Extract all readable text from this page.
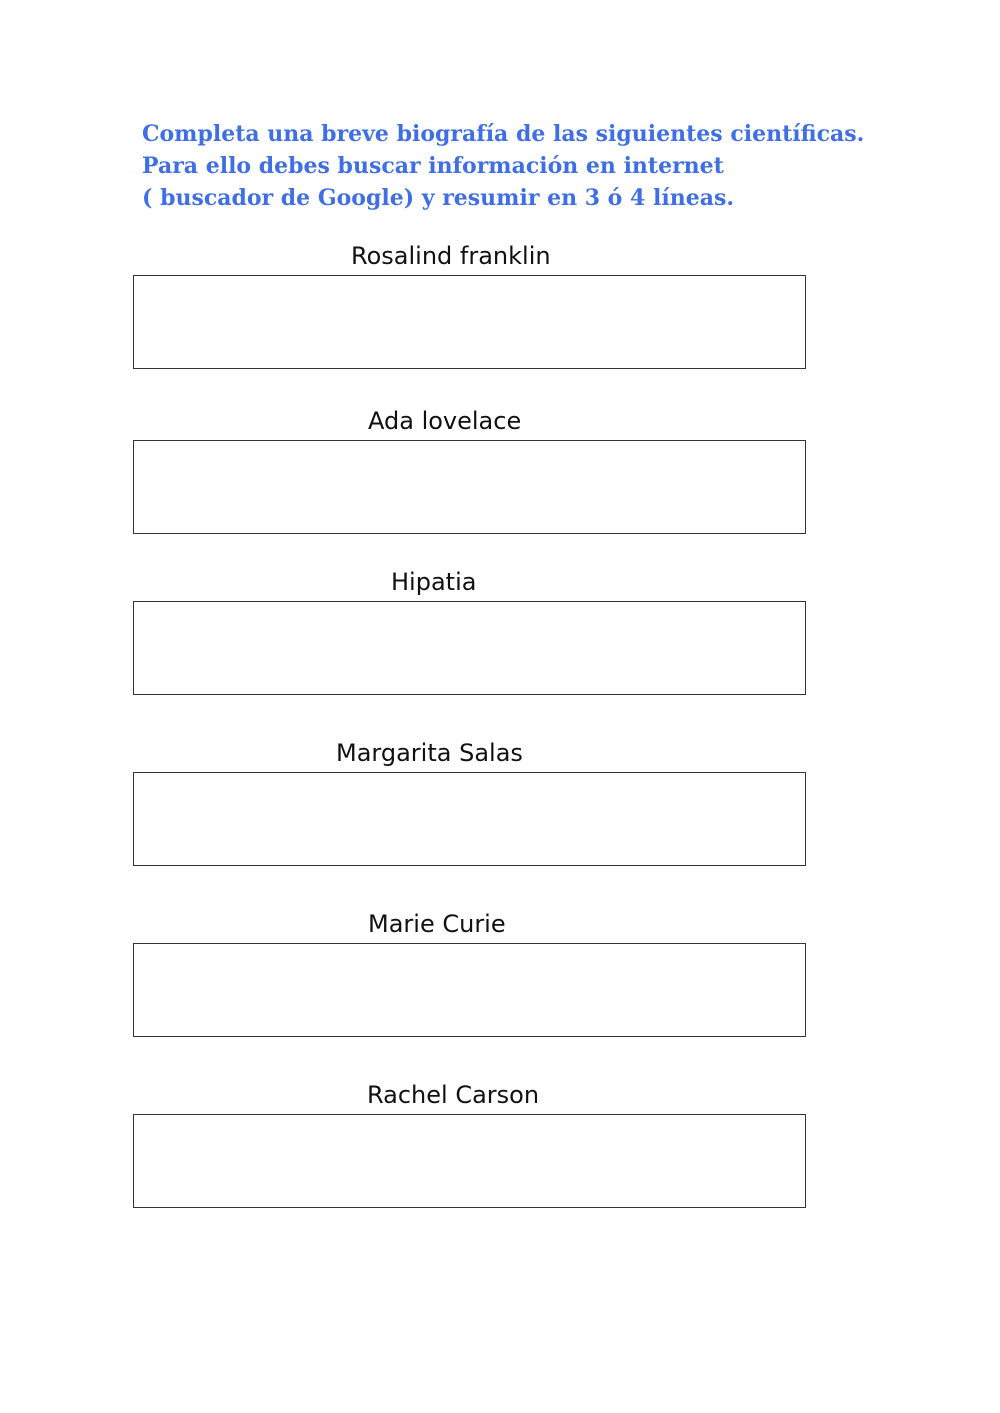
Completa una breve biografía de las siguientes científicas.
Para ello debes buscar información en internet
( buscador de Google) y resumir en 3 ó 4 líneas.
Rosalind franklin
Ada lovelace
Hipatia
Margarita Salas
Marie Curie
Rachel Carson
